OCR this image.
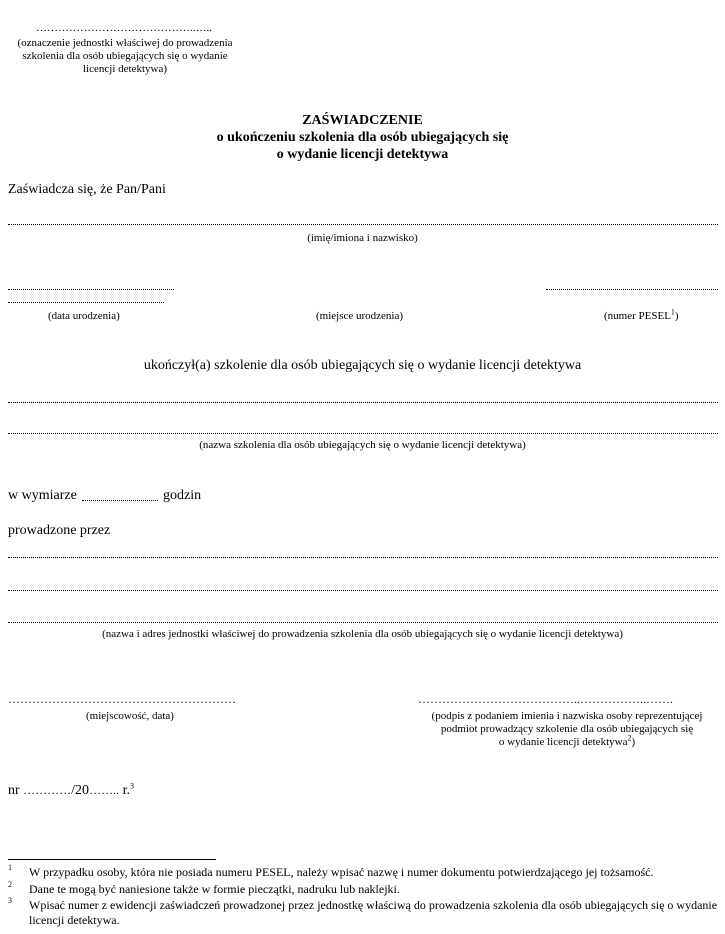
……………………………………..…..
(oznaczenie jednostki właściwej do prowadzenia
szkolenia dla osób ubiegających się o wydanie
licencji detektywa)
ZAŚWIADCZENIE
o ukończeniu szkolenia dla osób ubiegających się
o wydanie licencji detektywa
Zaświadcza się, że Pan/Pani
(imię/imiona i nazwisko)
(data urodzenia)	(miejsce urodzenia)	(numer PESEL$^1$)
ukończył(a) szkolenie dla osób ubiegających się o wydanie licencji detektywa
(nazwa szkolenia dla osób ubiegających się o wydanie licencji detektywa)
w wymiarze	godzin
prowadzone przez
(nazwa i adres jednostki właściwej do prowadzenia szkolenia dla osób ubiegających się o wydanie licencji detektywa)
…………………………………………………
(miejscowość, data)
…………………………………..……………..…….
(podpis z podaniem imienia i nazwiska osoby reprezentującej
podmiot prowadzący szkolenie dla osób ubiegających się
o wydanie licencji detektywa$^2$)
nr …………/20…….. r.$^3$
1 W przypadku osoby, która nie posiada numeru PESEL, należy wpisać nazwę i numer dokumentu potwierdzającego jej tożsamość.
2 Dane te mogą być naniesione także w formie pieczątki, nadruku lub naklejki.
3 Wpisać numer z ewidencji zaświadczeń prowadzonej przez jednostkę właściwą do prowadzenia szkolenia dla osób ubiegających się o wydanie licencji detektywa.
